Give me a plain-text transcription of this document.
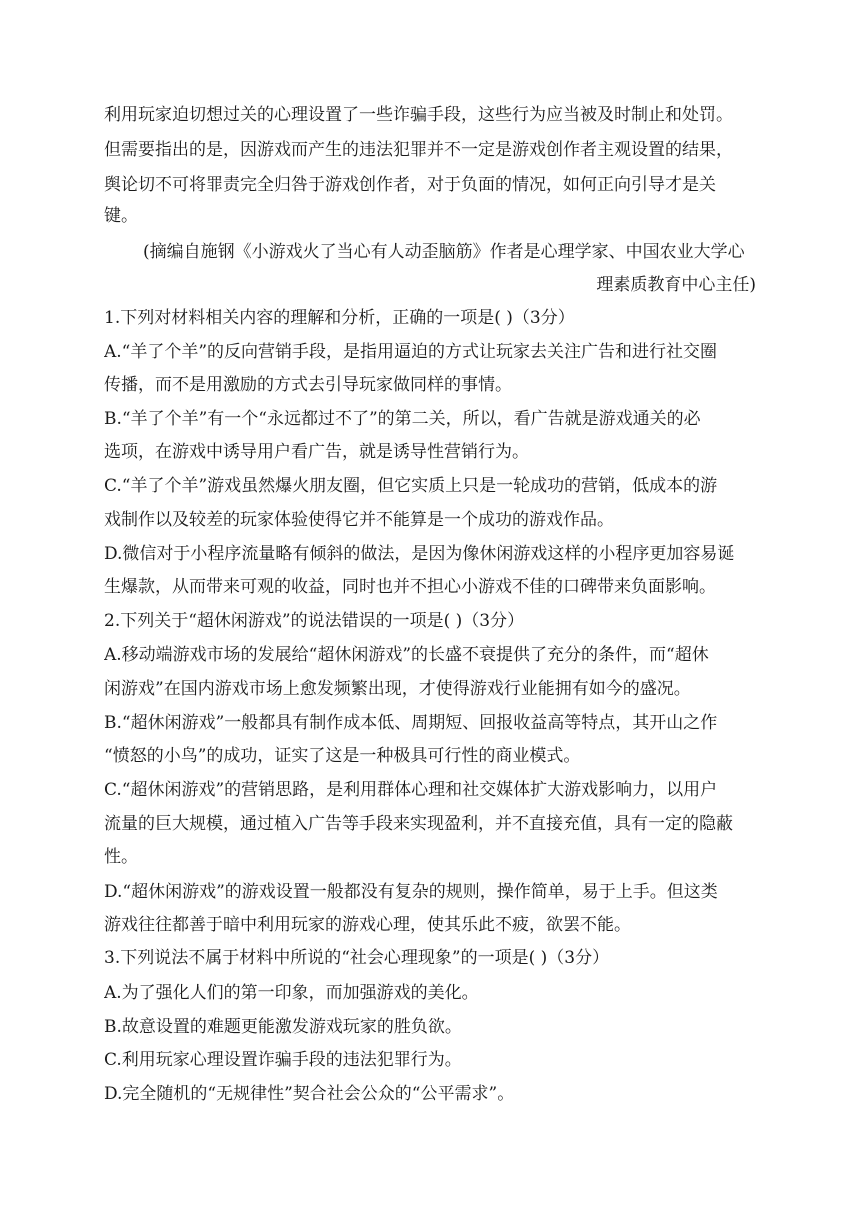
利用玩家迫切想过关的心理设置了一些诈骗手段，这些行为应当被及时制止和处罚。
但需要指出的是，因游戏而产生的违法犯罪并不一定是游戏创作者主观设置的结果，
舆论切不可将罪责完全归咎于游戏创作者，对于负面的情况，如何正向引导才是关
键。
(摘编自施钢《小游戏火了当心有人动歪脑筋》作者是心理学家、中国农业大学心
理素质教育中心主任)
1.下列对材料相关内容的理解和分析，正确的一项是( )（3分）
A.“羊了个羊”的反向营销手段，是指用逼迫的方式让玩家去关注广告和进行社交圈
传播，而不是用激励的方式去引导玩家做同样的事情。
B.“羊了个羊”有一个“永远都过不了”的第二关，所以，看广告就是游戏通关的必
选项，在游戏中诱导用户看广告，就是诱导性营销行为。
C.“羊了个羊”游戏虽然爆火朋友圈，但它实质上只是一轮成功的营销，低成本的游
戏制作以及较差的玩家体验使得它并不能算是一个成功的游戏作品。
D.微信对于小程序流量略有倾斜的做法，是因为像休闲游戏这样的小程序更加容易诞
生爆款，从而带来可观的收益，同时也并不担心小游戏不佳的口碑带来负面影响。
2.下列关于“超休闲游戏”的说法错误的一项是( )（3分）
A.移动端游戏市场的发展给“超休闲游戏”的长盛不衰提供了充分的条件，而“超休
闲游戏”在国内游戏市场上愈发频繁出现，才使得游戏行业能拥有如今的盛况。
B.“超休闲游戏”一般都具有制作成本低、周期短、回报收益高等特点，其开山之作
“愤怒的小鸟”的成功，证实了这是一种极具可行性的商业模式。
C.“超休闲游戏”的营销思路，是利用群体心理和社交媒体扩大游戏影响力，以用户
流量的巨大规模，通过植入广告等手段来实现盈利，并不直接充值，具有一定的隐蔽
性。
D.“超休闲游戏”的游戏设置一般都没有复杂的规则，操作简单，易于上手。但这类
游戏往往都善于暗中利用玩家的游戏心理，使其乐此不疲，欲罢不能。
3.下列说法不属于材料中所说的“社会心理现象”的一项是( )（3分）
A.为了强化人们的第一印象，而加强游戏的美化。
B.故意设置的难题更能激发游戏玩家的胜负欲。
C.利用玩家心理设置诈骗手段的违法犯罪行为。
D.完全随机的“无规律性”契合社会公众的“公平需求”。
